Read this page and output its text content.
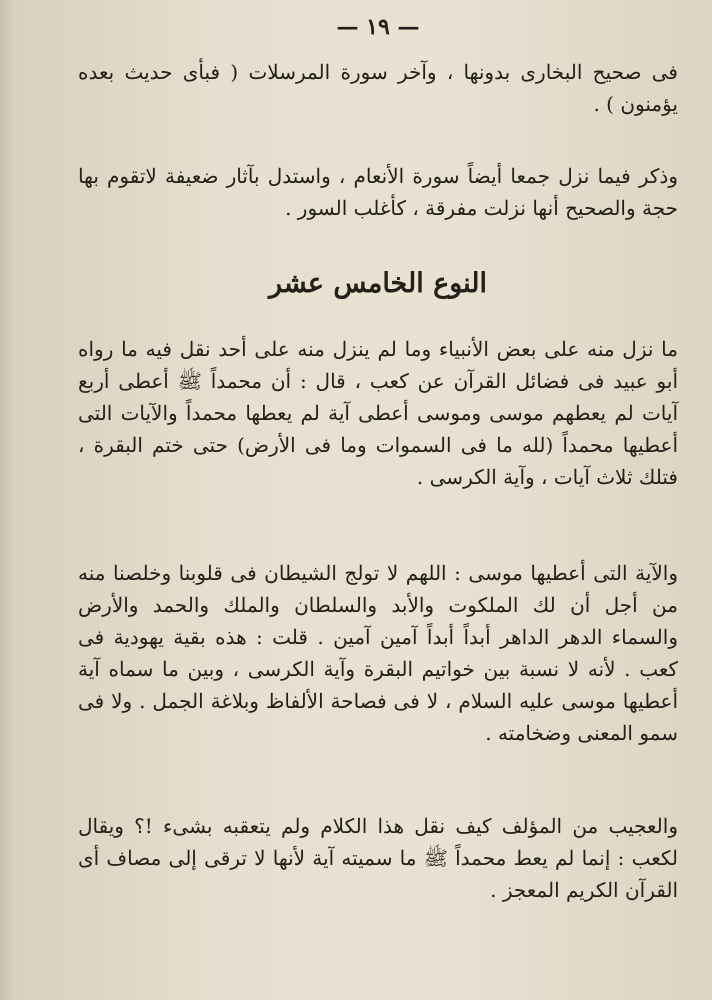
— ١٩ —

فى صحيح البخارى بدونها ، وآخر سورة المرسلات ( فبأى حديث بعده يؤمنون ) .

وذكر فيما نزل جمعا أيضاً سورة الأنعام ، واستدل بآثار ضعيفة لاتقوم بها حجة والصحيح أنها نزلت مفرقة ، كأغلب السور .

النوع الخامس عشر

ما نزل منه على بعض الأنبياء وما لم ينزل منه على أحد نقل فيه ما رواه أبو عبيد فى فضائل القرآن عن كعب ، قال : أن محمداً ﷺ أعطى أربع آيات لم يعطهم موسى وموسى أعطى آية لم يعطها محمداً والآيات التى أعطيها محمداً (لله ما فى السموات وما فى الأرض) حتى ختم البقرة ، فتلك ثلاث آيات ، وآية الكرسى .

والآية التى أعطيها موسى : اللهم لا تولج الشيطان فى قلوبنا وخلصنا منه من أجل أن لك الملكوت والأبد والسلطان والملك والحمد والأرض والسماء الدهر الداهر أبداً أبداً آمين آمين . قلت : هذه بقية يهودية فى كعب . لأنه لا نسبة بين خواتيم البقرة وآية الكرسى ، وبين ما سماه آية أعطيها موسى عليه السلام ، لا فى فصاحة الألفاظ وبلاغة الجمل . ولا فى سمو المعنى وضخامته .

والعجيب من المؤلف كيف نقل هذا الكلام ولم يتعقبه بشىء !؟ ويقال لكعب : إنما لم يعط محمداً ﷺ ما سميته آية لأنها لا ترقى إلى مصاف أى القرآن الكريم المعجز .
